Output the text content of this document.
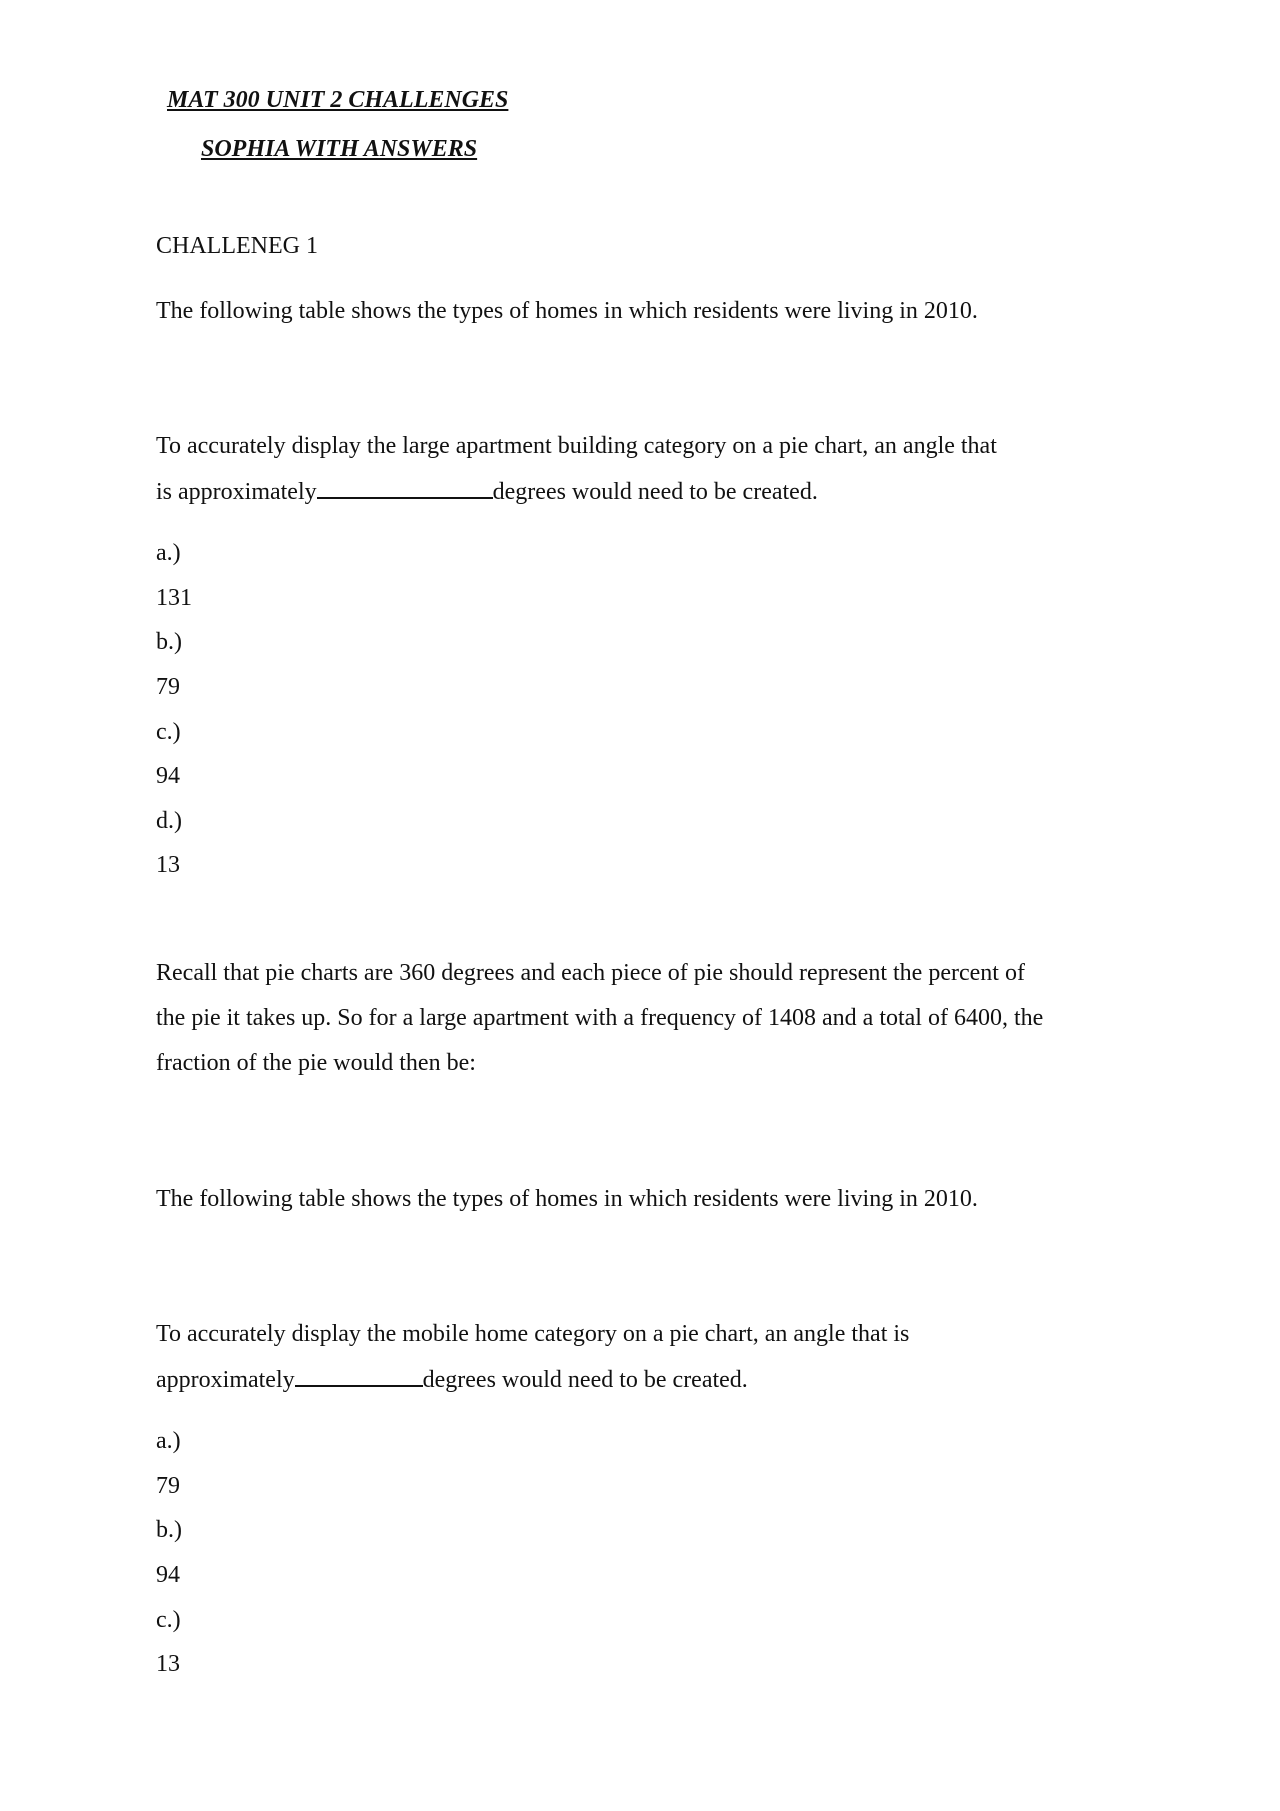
MAT 300 UNIT 2 CHALLENGES
SOPHIA WITH ANSWERS
CHALLENEG 1
The following table shows the types of homes in which residents were living in 2010.
To accurately display the large apartment building category on a pie chart, an angle that
is approximately	degrees would need to be created.
a.)
131
b.)
79
c.)
94
d.)
13
Recall that pie charts are 360 degrees and each piece of pie should represent the percent of
the pie it takes up. So for a large apartment with a frequency of 1408 and a total of 6400, the
fraction of the pie would then be:
The following table shows the types of homes in which residents were living in 2010.
To accurately display the mobile home category on a pie chart, an angle that is
approximately	degrees would need to be created.
a.)
79
b.)
94
c.)
13
